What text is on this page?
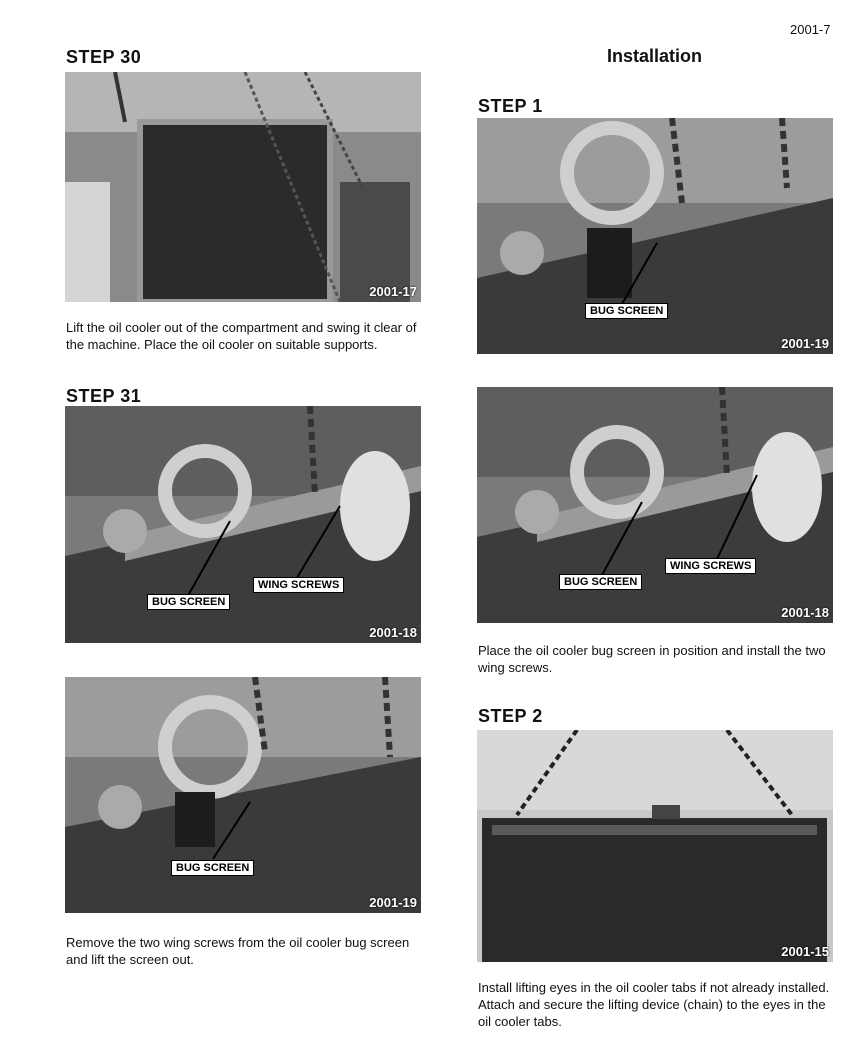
2001-7
STEP 30
2001-17
Lift the oil cooler out of the compartment and swing it clear of the machine. Place the oil cooler on suitable supports.
STEP 31
BUG SCREEN
WING SCREWS
2001-18
BUG SCREEN
2001-19
Remove the two wing screws from the oil cooler bug screen and lift the screen out.
Installation
STEP 1
BUG SCREEN
2001-19
BUG SCREEN
WING SCREWS
2001-18
Place the oil cooler bug screen in position and install the two wing screws.
STEP 2
2001-15
Install lifting eyes in the oil cooler tabs if not already installed. Attach and secure the lifting device (chain) to the eyes in the oil cooler tabs.
